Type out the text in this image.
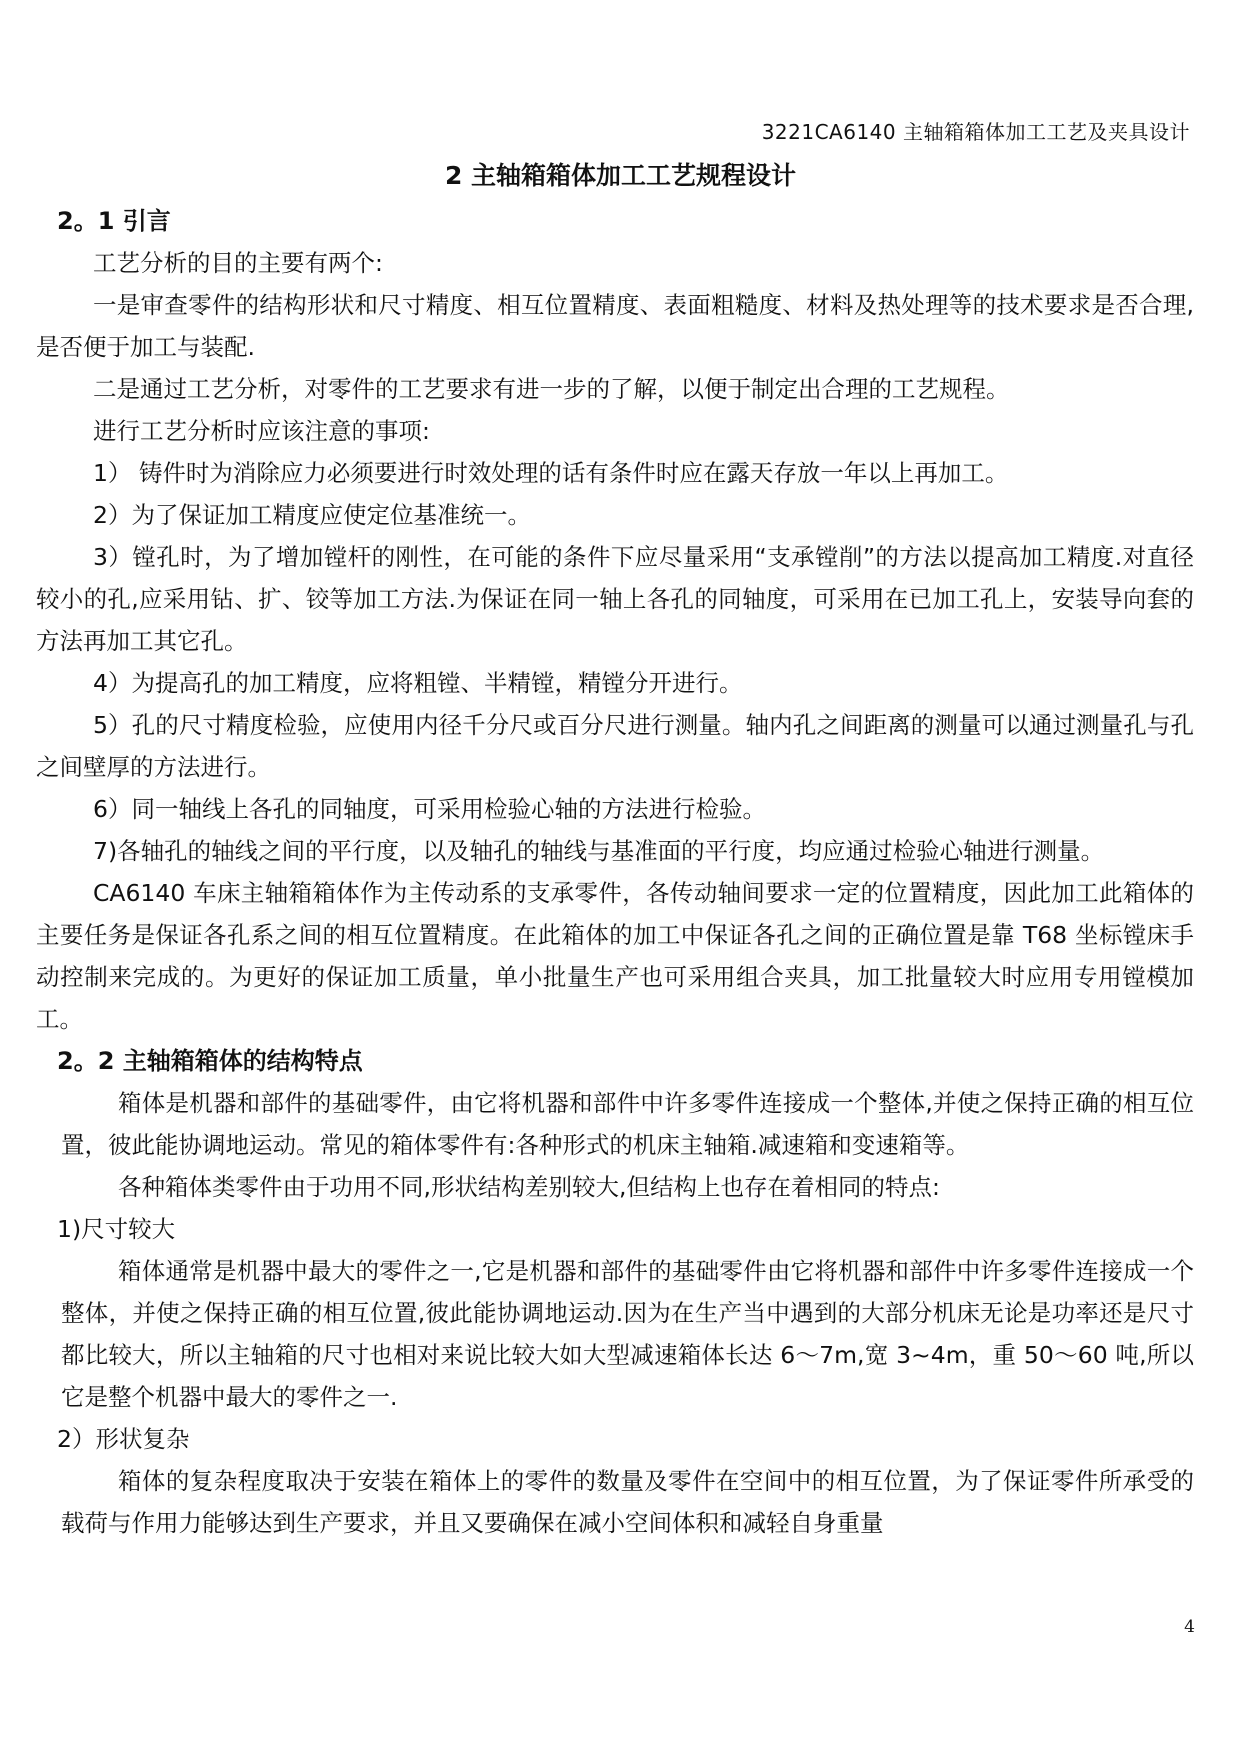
3221CA6140 主轴箱箱体加工工艺及夹具设计
2 主轴箱箱体加工工艺规程设计

2。1 引言

工艺分析的目的主要有两个:

一是审查零件的结构形状和尺寸精度、相互位置精度、表面粗糙度、材料及热处理等的技术要求是否合理,是否便于加工与装配.

二是通过工艺分析，对零件的工艺要求有进一步的了解，以便于制定出合理的工艺规程。

进行工艺分析时应该注意的事项:

1） 铸件时为消除应力必须要进行时效处理的话有条件时应在露天存放一年以上再加工。

2）为了保证加工精度应使定位基准统一。

3）镗孔时，为了增加镗杆的刚性，在可能的条件下应尽量采用“支承镗削”的方法以提高加工精度.对直径较小的孔,应采用钻、扩、铰等加工方法.为保证在同一轴上各孔的同轴度，可采用在已加工孔上，安装导向套的方法再加工其它孔。

4）为提高孔的加工精度，应将粗镗、半精镗，精镗分开进行。

5）孔的尺寸精度检验，应使用内径千分尺或百分尺进行测量。轴内孔之间距离的测量可以通过测量孔与孔之间壁厚的方法进行。

6）同一轴线上各孔的同轴度，可采用检验心轴的方法进行检验。

7)各轴孔的轴线之间的平行度，以及轴孔的轴线与基准面的平行度，均应通过检验心轴进行测量。

CA6140 车床主轴箱箱体作为主传动系的支承零件，各传动轴间要求一定的位置精度，因此加工此箱体的主要任务是保证各孔系之间的相互位置精度。在此箱体的加工中保证各孔之间的正确位置是靠 T68 坐标镗床手动控制来完成的。为更好的保证加工质量，单小批量生产也可采用组合夹具，加工批量较大时应用专用镗模加工。

2。2 主轴箱箱体的结构特点

箱体是机器和部件的基础零件，由它将机器和部件中许多零件连接成一个整体,并使之保持正确的相互位置，彼此能协调地运动。常见的箱体零件有:各种形式的机床主轴箱.减速箱和变速箱等。

各种箱体类零件由于功用不同,形状结构差别较大,但结构上也存在着相同的特点:

1)尺寸较大

箱体通常是机器中最大的零件之一,它是机器和部件的基础零件由它将机器和部件中许多零件连接成一个整体，并使之保持正确的相互位置,彼此能协调地运动.因为在生产当中遇到的大部分机床无论是功率还是尺寸都比较大，所以主轴箱的尺寸也相对来说比较大如大型减速箱体长达 6～7m,宽 3~4m，重 50～60 吨,所以它是整个机器中最大的零件之一.

2）形状复杂

箱体的复杂程度取决于安装在箱体上的零件的数量及零件在空间中的相互位置，为了保证零件所承受的载荷与作用力能够达到生产要求，并且又要确保在减小空间体积和减轻自身重量

4
